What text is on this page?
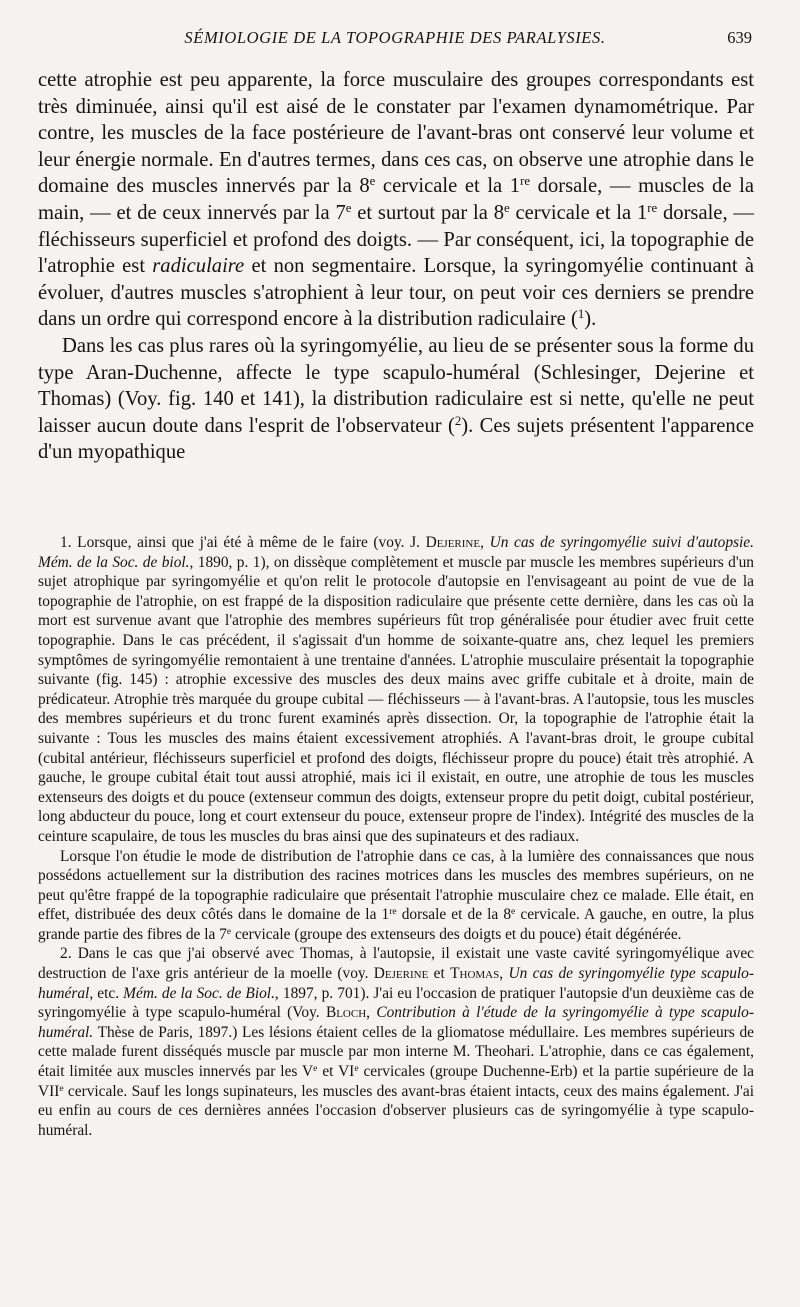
SÉMIOLOGIE DE LA TOPOGRAPHIE DES PARALYSIES.	639

cette atrophie est peu apparente, la force musculaire des groupes correspondants est très diminuée, ainsi qu'il est aisé de le constater par l'examen dynamométrique. Par contre, les muscles de la face postérieure de l'avant-bras ont conservé leur volume et leur énergie normale. En d'autres termes, dans ces cas, on observe une atrophie dans le domaine des muscles innervés par la 8e cervicale et la 1re dorsale, — muscles de la main, — et de ceux innervés par la 7e et surtout par la 8e cervicale et la 1re dorsale, — fléchisseurs superficiel et profond des doigts. — Par conséquent, ici, la topographie de l'atrophie est radiculaire et non segmentaire. Lorsque, la syringomyélie continuant à évoluer, d'autres muscles s'atrophient à leur tour, on peut voir ces derniers se prendre dans un ordre qui correspond encore à la distribution radiculaire ($^1$).

Dans les cas plus rares où la syringomyélie, au lieu de se présenter sous la forme du type Aran-Duchenne, affecte le type scapulo-huméral (Schlesinger, Dejerine et Thomas) (Voy. fig. 140 et 141), la distribution radiculaire est si nette, qu'elle ne peut laisser aucun doute dans l'esprit de l'observateur ($^2$). Ces sujets présentent l'apparence d'un myopathique

1. Lorsque, ainsi que j'ai été à même de le faire (voy. J. Dejerine, Un cas de syringomyélie suivi d'autopsie. Mém. de la Soc. de biol., 1890, p. 1), on dissèque complètement et muscle par muscle les membres supérieurs d'un sujet atrophique par syringomyélie et qu'on relit le protocole d'autopsie en l'envisageant au point de vue de la topographie de l'atrophie, on est frappé de la disposition radiculaire que présente cette dernière, dans les cas où la mort est survenue avant que l'atrophie des membres supérieurs fût trop généralisée pour étudier avec fruit cette topographie. Dans le cas précédent, il s'agissait d'un homme de soixante-quatre ans, chez lequel les premiers symptômes de syringomyélie remontaient à une trentaine d'années. L'atrophie musculaire présentait la topographie suivante (fig. 145) : atrophie excessive des muscles des deux mains avec griffe cubitale et à droite, main de prédicateur. Atrophie très marquée du groupe cubital — fléchisseurs — à l'avant-bras. A l'autopsie, tous les muscles des membres supérieurs et du tronc furent examinés après dissection. Or, la topographie de l'atrophie était la suivante : Tous les muscles des mains étaient excessivement atrophiés. A l'avant-bras droit, le groupe cubital (cubital antérieur, fléchisseurs superficiel et profond des doigts, fléchisseur propre du pouce) était très atrophié. A gauche, le groupe cubital était tout aussi atrophié, mais ici il existait, en outre, une atrophie de tous les muscles extenseurs des doigts et du pouce (extenseur commun des doigts, extenseur propre du petit doigt, cubital postérieur, long abducteur du pouce, long et court extenseur du pouce, extenseur propre de l'index). Intégrité des muscles de la ceinture scapulaire, de tous les muscles du bras ainsi que des supinateurs et des radiaux.

Lorsque l'on étudie le mode de distribution de l'atrophie dans ce cas, à la lumière des connaissances que nous possédons actuellement sur la distribution des racines motrices dans les muscles des membres supérieurs, on ne peut qu'être frappé de la topographie radiculaire que présentait l'atrophie musculaire chez ce malade. Elle était, en effet, distribuée des deux côtés dans le domaine de la 1re dorsale et de la 8e cervicale. A gauche, en outre, la plus grande partie des fibres de la 7e cervicale (groupe des extenseurs des doigts et du pouce) était dégénérée.

2. Dans le cas que j'ai observé avec Thomas, à l'autopsie, il existait une vaste cavité syringomyélique avec destruction de l'axe gris antérieur de la moelle (voy. Dejerine et Thomas, Un cas de syringomyélie type scapulo-huméral, etc. Mém. de la Soc. de Biol., 1897, p. 701). J'ai eu l'occasion de pratiquer l'autopsie d'un deuxième cas de syringomyélie à type scapulo-huméral (Voy. Bloch, Contribution à l'étude de la syringomyélie à type scapulo-huméral. Thèse de Paris, 1897.) Les lésions étaient celles de la gliomatose médullaire. Les membres supérieurs de cette malade furent disséqués muscle par muscle par mon interne M. Theohari. L'atrophie, dans ce cas également, était limitée aux muscles innervés par les Ve et VIe cervicales (groupe Duchenne-Erb) et la partie supérieure de la VIIe cervicale. Sauf les longs supinateurs, les muscles des avant-bras étaient intacts, ceux des mains également. J'ai eu enfin au cours de ces dernières années l'occasion d'observer plusieurs cas de syringomyélie à type scapulo-huméral.
